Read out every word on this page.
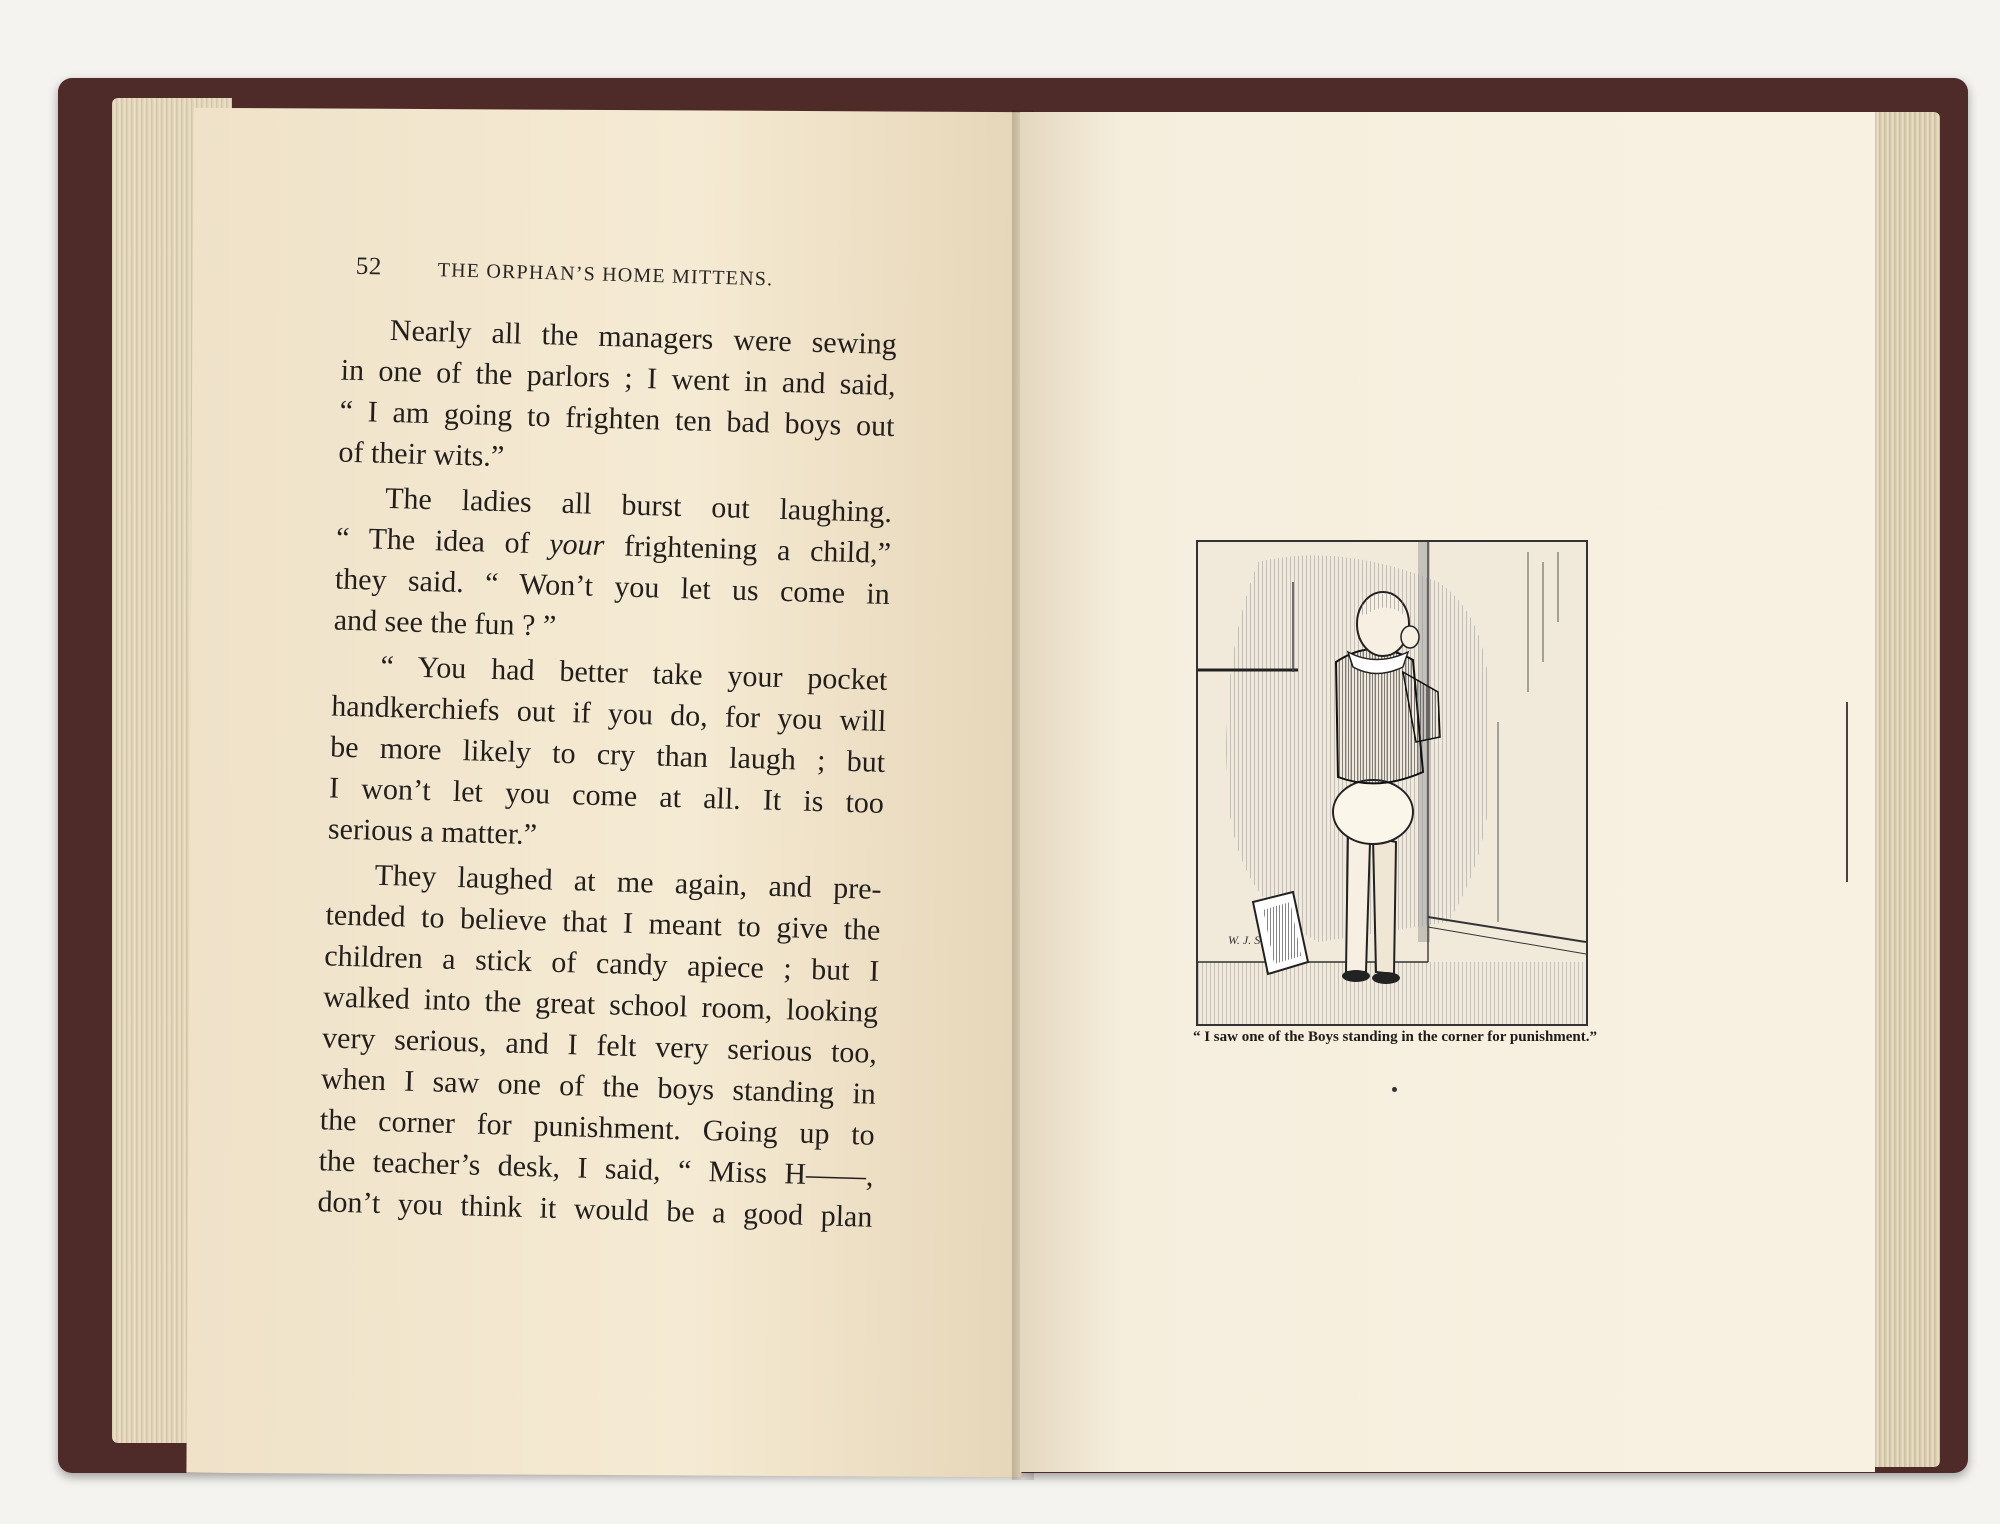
52	THE ORPHAN’S HOME MITTENS.

Nearly all the managers were sewing

in one of the parlors ; I went in and said,

“ I am going to frighten ten bad boys out

of their wits.”

The ladies all burst out laughing.

“ The idea of your frightening a child,”

they said. “ Won’t you let us come in

and see the fun ? ”

“ You had better take your pocket

handkerchiefs out if you do, for you will

be more likely to cry than laugh ; but

I won’t let you come at all. It is too

serious a matter.”

They laughed at me again, and pre-

tended to believe that I meant to give the

children a stick of candy apiece ; but I

walked into the great school room, looking

very serious, and I felt very serious too,

when I saw one of the boys standing in

the corner for punishment. Going up to

the teacher’s desk, I said, “ Miss H——,

don’t you think it would be a good plan

W. J. S.
“ I saw one of the Boys standing in the corner for punishment.”
